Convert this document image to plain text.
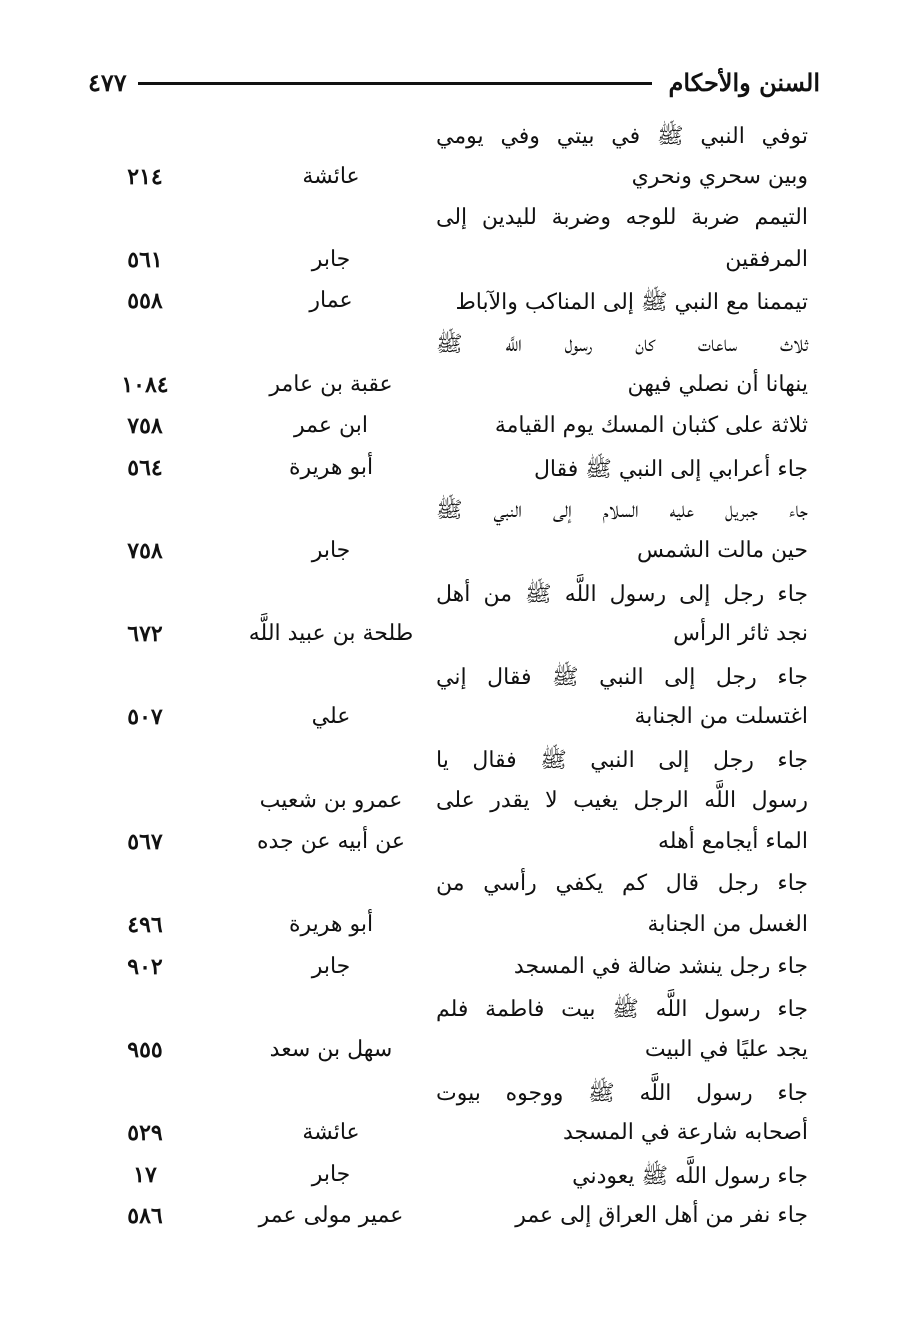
السنن والأحكام
٤٧٧
توفي النبي ﷺ في بيتي وفي يومي
وبين سحري ونحري
عائشة
٢١٤
التيمم ضربة للوجه وضربة لليدين إلى
المرفقين
جابر
٥٦١
تيممنا مع النبي ﷺ إلى المناكب والآباط
عمار
٥٥٨
ثلاث ساعات كان رسول اللَّه ﷺ
ينهانا أن نصلي فيهن
عقبة بن عامر
١٠٨٤
ثلاثة على كثبان المسك يوم القيامة
ابن عمر
٧٥٨
جاء أعرابي إلى النبي ﷺ فقال
أبو هريرة
٥٦٤
جاء جبريل عليه السلام إلى النبي ﷺ
حين مالت الشمس
جابر
٧٥٨
جاء رجل إلى رسول اللَّه ﷺ من أهل
نجد ثائر الرأس
طلحة بن عبيد اللَّه
٦٧٢
جاء رجل إلى النبي ﷺ فقال إني
اغتسلت من الجنابة
علي
٥٠٧
جاء رجل إلى النبي ﷺ فقال يا
رسول اللَّه الرجل يغيب لا يقدر على
عمرو بن شعيب
الماء أيجامع أهله
عن أبيه عن جده
٥٦٧
جاء رجل قال كم يكفي رأسي من
الغسل من الجنابة
أبو هريرة
٤٩٦
جاء رجل ينشد ضالة في المسجد
جابر
٩٠٢
جاء رسول اللَّه ﷺ بيت فاطمة فلم
يجد عليًا في البيت
سهل بن سعد
٩٥٥
جاء رسول اللَّه ﷺ ووجوه بيوت
أصحابه شارعة في المسجد
عائشة
٥٢٩
جاء رسول اللَّه ﷺ يعودني
جابر
١٧
جاء نفر من أهل العراق إلى عمر
عمير مولى عمر
٥٨٦
